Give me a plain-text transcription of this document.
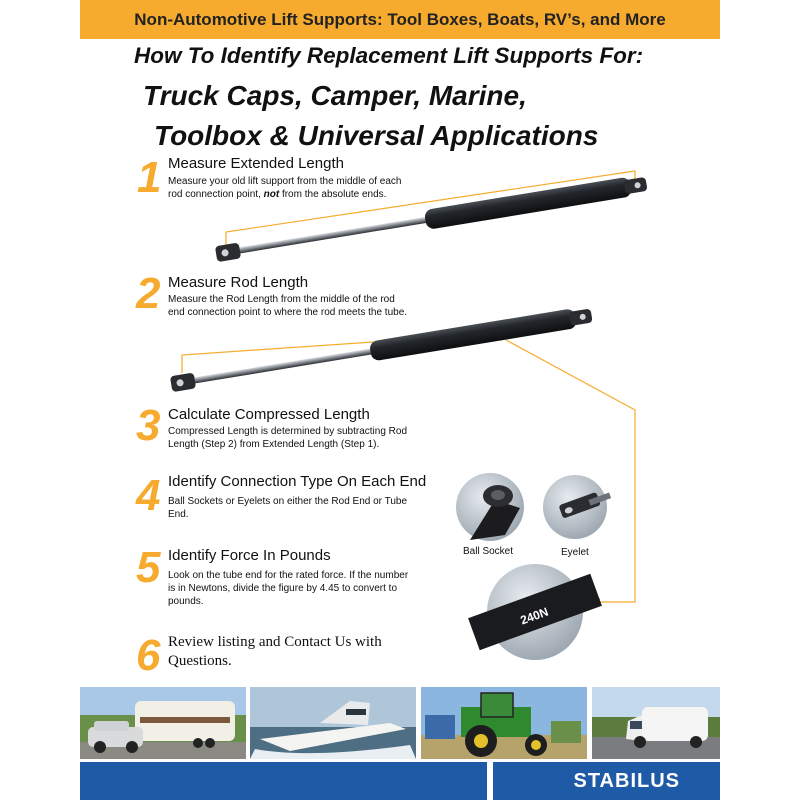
Non-Automotive Lift Supports: Tool Boxes, Boats, RV’s, and More
How To Identify Replacement Lift Supports For:
Truck Caps, Camper, Marine,
Toolbox & Universal Applications
1 Measure Extended Length
Measure your old lift support from the middle of each
rod connection point, not from the absolute ends.
2 Measure Rod Length
Measure the Rod Length from the middle of the rod
end connection point to where the rod meets the tube.
3 Calculate Compressed Length
Compressed Length is determined by subtracting Rod
Length (Step 2) from Extended Length (Step 1).
4 Identify Connection Type On Each End
Ball Sockets or Eyelets on either the Rod End or Tube
End.
5 Identify Force In Pounds
Look on the tube end for the rated force. If the number
is in Newtons, divide the figure by 4.45 to convert to
pounds.
6 Review listing and Contact Us with
Questions.
Ball Socket	Eyelet
240N
STABILUS
